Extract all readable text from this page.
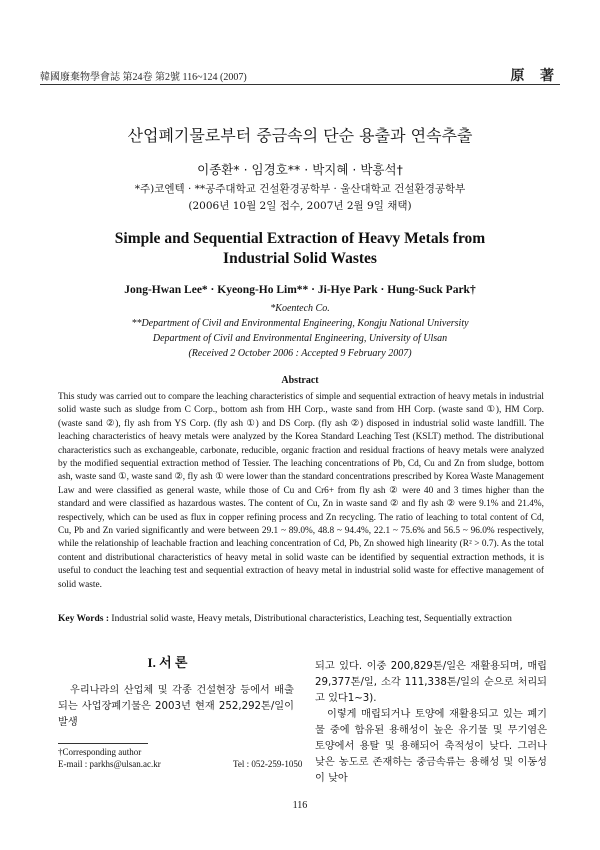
韓國廢棄物學會誌 第24卷 第2號 116~124 (2007)	原 著
산업폐기물로부터 중금속의 단순 용출과 연속추출
이종환* · 임경호** · 박지혜 · 박흥석†
*주)코엔텍 · **공주대학교 건설환경공학부 · 울산대학교 건설환경공학부
(2006년 10월 2일 접수, 2007년 2월 9일 채택)
Simple and Sequential Extraction of Heavy Metals from
Industrial Solid Wastes
Jong-Hwan Lee* · Kyeong-Ho Lim** · Ji-Hye Park · Hung-Suck Park†
*Koentech Co.
**Department of Civil and Environmental Engineering, Kongju National University
Department of Civil and Environmental Engineering, University of Ulsan
(Received 2 October 2006 : Accepted 9 February 2007)
Abstract
This study was carried out to compare the leaching characteristics of simple and sequential extraction of heavy metals in industrial solid waste such as sludge from C Corp., bottom ash from HH Corp., waste sand from HH Corp. (waste sand ①), HM Corp.(waste sand ②), fly ash from YS Corp. (fly ash ①) and DS Corp. (fly ash ②) disposed in industrial solid waste landfill. The leaching characteristics of heavy metals were analyzed by the Korea Standard Leaching Test (KSLT) method. The distributional characteristics such as exchangeable, carbonate, reducible, organic fraction and residual fractions of heavy metals were analyzed by the modified sequential extraction method of Tessier. The leaching concentrations of Pb, Cd, Cu and Zn from sludge, bottom ash, waste sand ①, waste sand ②, fly ash ① were lower than the standard concentrations prescribed by Korea Waste Management Law and were classified as general waste, while those of Cu and Cr6+ from fly ash ② were 40 and 3 times higher than the standard and were classified as hazardous wastes. The content of Cu, Zn in waste sand ② and fly ash ② were 9.1% and 21.4%, respectively, which can be used as flux in copper refining process and Zn recycling. The ratio of leaching to total content of Cd, Cu, Pb and Zn varied significantly and were between 29.1 ~ 89.0%, 48.8 ~ 94.4%, 22.1 ~ 75.6% and 56.5 ~ 96.0% respectively, while the relationship of leachable fraction and leaching concentration of Cd, Pb, Zn showed high linearity (R² > 0.7). As the total content and distributional characteristics of heavy metal in solid waste can be identified by sequential extraction methods, it is useful to conduct the leaching test and sequential extraction of heavy metal in industrial solid waste for effective management of solid waste.
Key Words : Industrial solid waste, Heavy metals, Distributional characteristics, Leaching test, Sequentially extraction
I. 서 론
우리나라의 산업체 및 각종 건설현장 등에서 배출되는 사업장폐기물은 2003년 현재 252,292톤/일이 발생

되고 있다. 이중 200,829톤/일은 재활용되며, 매립 29,377톤/일, 소각 111,338톤/일의 순으로 처리되고 있다1~3).

이렇게 매립되거나 토양에 재활용되고 있는 폐기물 중에 함유된 용해성이 높은 유기물 및 무기염은 토양에서 용탈 및 용해되어 축적성이 낮다. 그러나 낮은 농도로 존재하는 중금속류는 용해성 및 이동성이 낮아

†Corresponding author
E-mail : parkhs@ulsan.ac.kr	Tel : 052-259-1050
116
